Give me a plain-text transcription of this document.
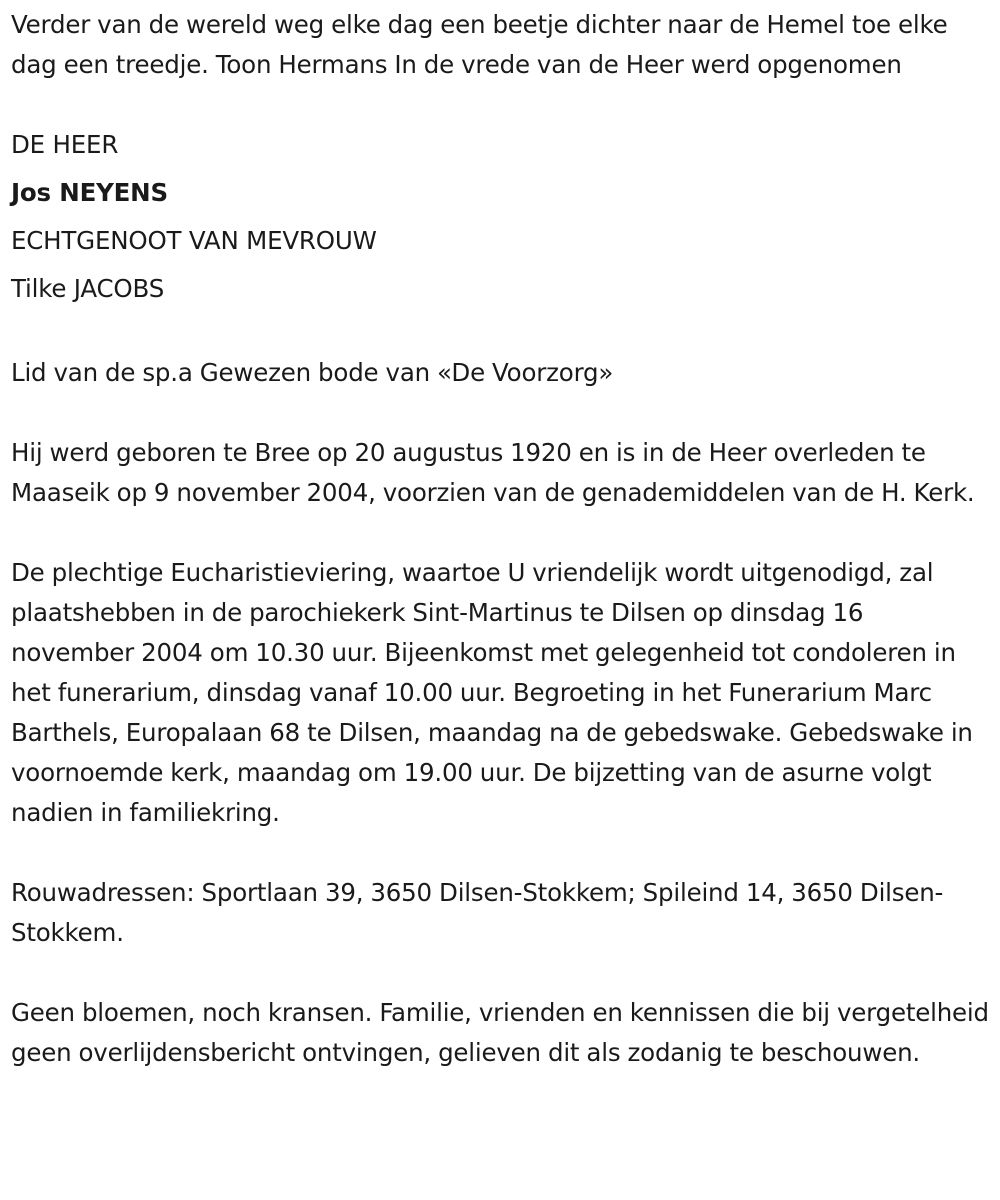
Verder van de wereld weg elke dag een beetje dichter naar de Hemel toe elke dag een treedje. Toon Hermans In de vrede van de Heer werd opgenomen

DE HEER
Jos NEYENS
ECHTGENOOT VAN MEVROUW
Tilke JACOBS

Lid van de sp.a Gewezen bode van «De Voorzorg»

Hij werd geboren te Bree op 20 augustus 1920 en is in de Heer overleden te Maaseik op 9 november 2004, voorzien van de genademiddelen van de H. Kerk.

De plechtige Eucharistieviering, waartoe U vriendelijk wordt uitgenodigd, zal plaatshebben in de parochiekerk Sint-Martinus te Dilsen op dinsdag 16 november 2004 om 10.30 uur. Bijeenkomst met gelegenheid tot condoleren in het funerarium, dinsdag vanaf 10.00 uur. Begroeting in het Funerarium Marc Barthels, Europalaan 68 te Dilsen, maandag na de gebedswake. Gebedswake in voornoemde kerk, maandag om 19.00 uur. De bijzetting van de asurne volgt nadien in familiekring.

Rouwadressen: Sportlaan 39, 3650 Dilsen-Stokkem; Spileind 14, 3650 Dilsen-Stokkem.

Geen bloemen, noch kransen. Familie, vrienden en kennissen die bij vergetelheid geen overlijdensbericht ontvingen, gelieven dit als zodanig te beschouwen.
